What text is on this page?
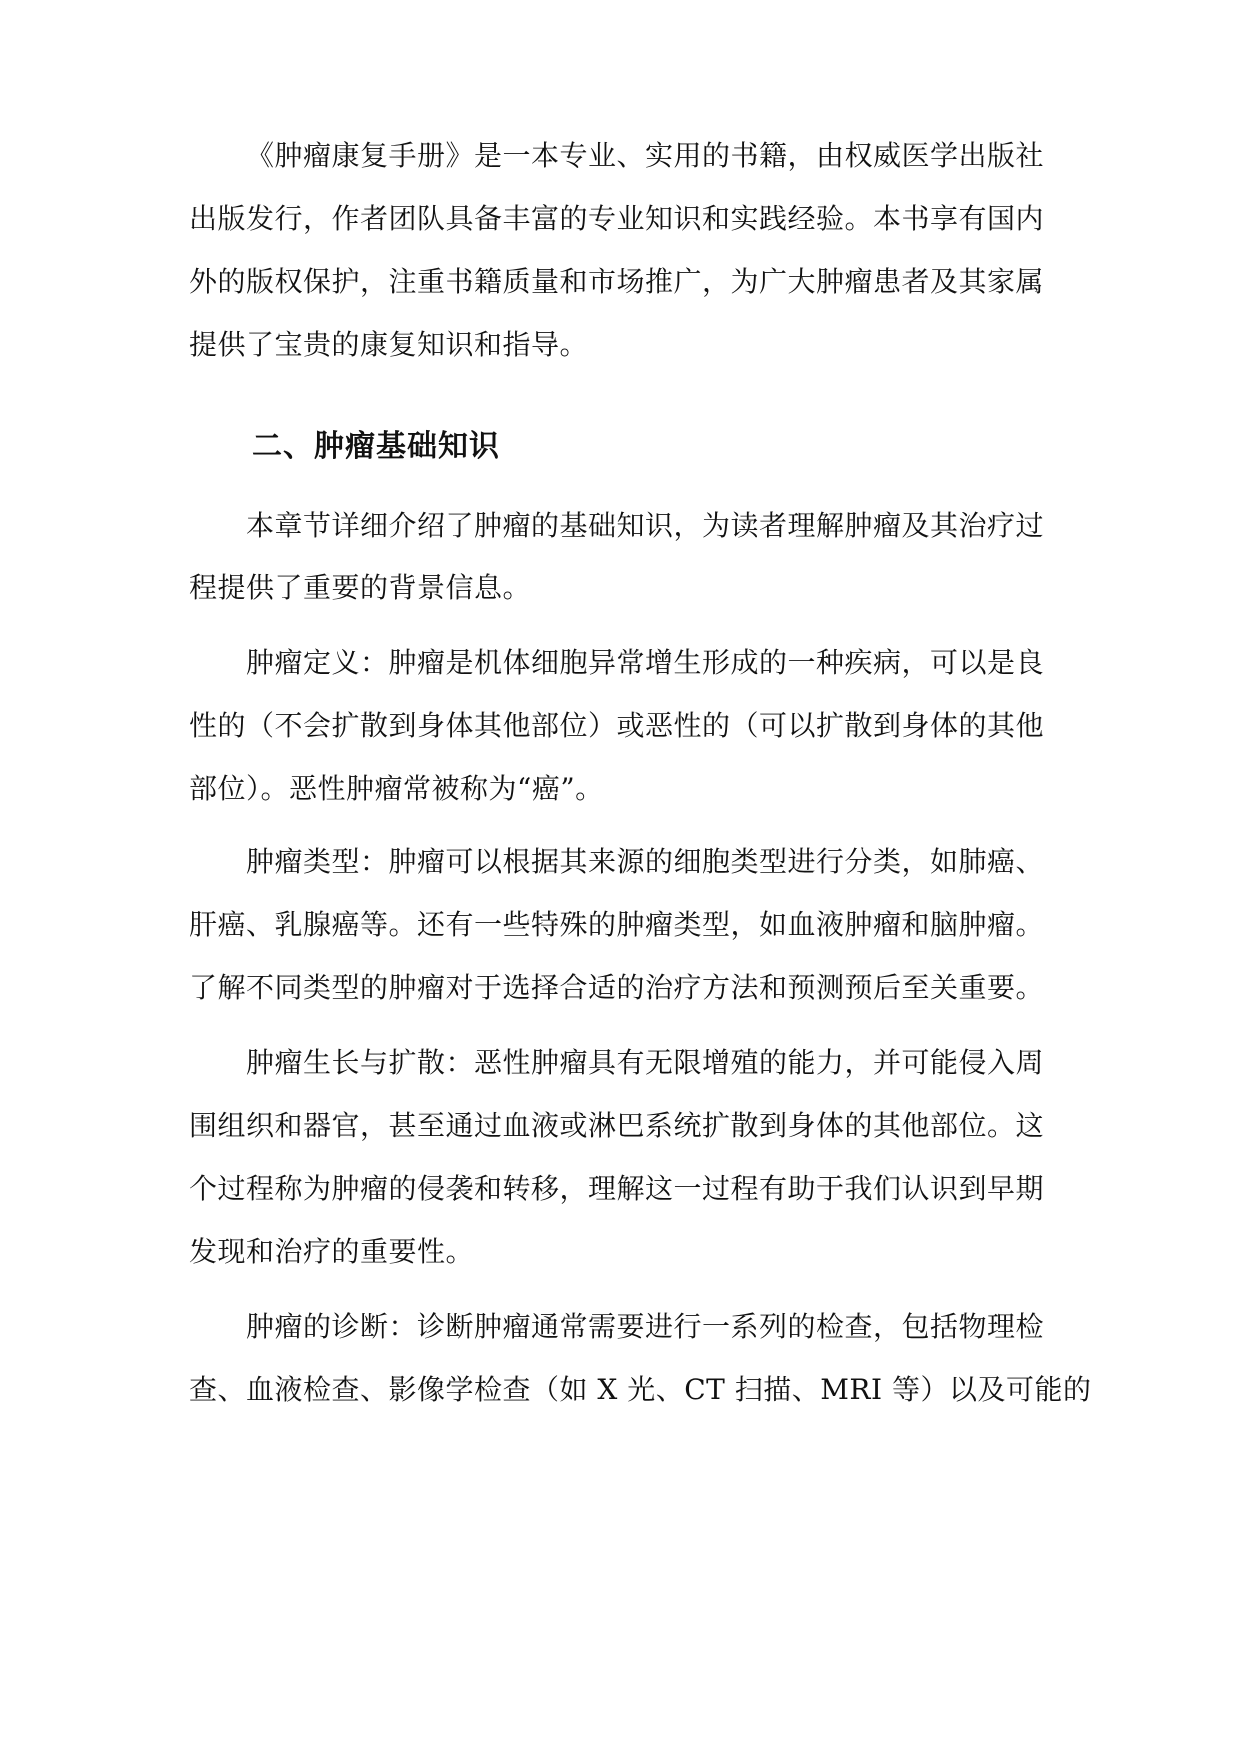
《肿瘤康复手册》是一本专业、实用的书籍，由权威医学出版社
出版发行，作者团队具备丰富的专业知识和实践经验。本书享有国内
外的版权保护，注重书籍质量和市场推广，为广大肿瘤患者及其家属
提供了宝贵的康复知识和指导。
二、肿瘤基础知识
本章节详细介绍了肿瘤的基础知识，为读者理解肿瘤及其治疗过
程提供了重要的背景信息。
肿瘤定义：肿瘤是机体细胞异常增生形成的一种疾病，可以是良
性的（不会扩散到身体其他部位）或恶性的（可以扩散到身体的其他
部位）。恶性肿瘤常被称为“癌”。
肿瘤类型：肿瘤可以根据其来源的细胞类型进行分类，如肺癌、
肝癌、乳腺癌等。还有一些特殊的肿瘤类型，如血液肿瘤和脑肿瘤。
了解不同类型的肿瘤对于选择合适的治疗方法和预测预后至关重要。
肿瘤生长与扩散：恶性肿瘤具有无限增殖的能力，并可能侵入周
围组织和器官，甚至通过血液或淋巴系统扩散到身体的其他部位。这
个过程称为肿瘤的侵袭和转移，理解这一过程有助于我们认识到早期
发现和治疗的重要性。
肿瘤的诊断：诊断肿瘤通常需要进行一系列的检查，包括物理检
查、血液检查、影像学检查（如 X 光、CT 扫描、MRI 等）以及可能的
